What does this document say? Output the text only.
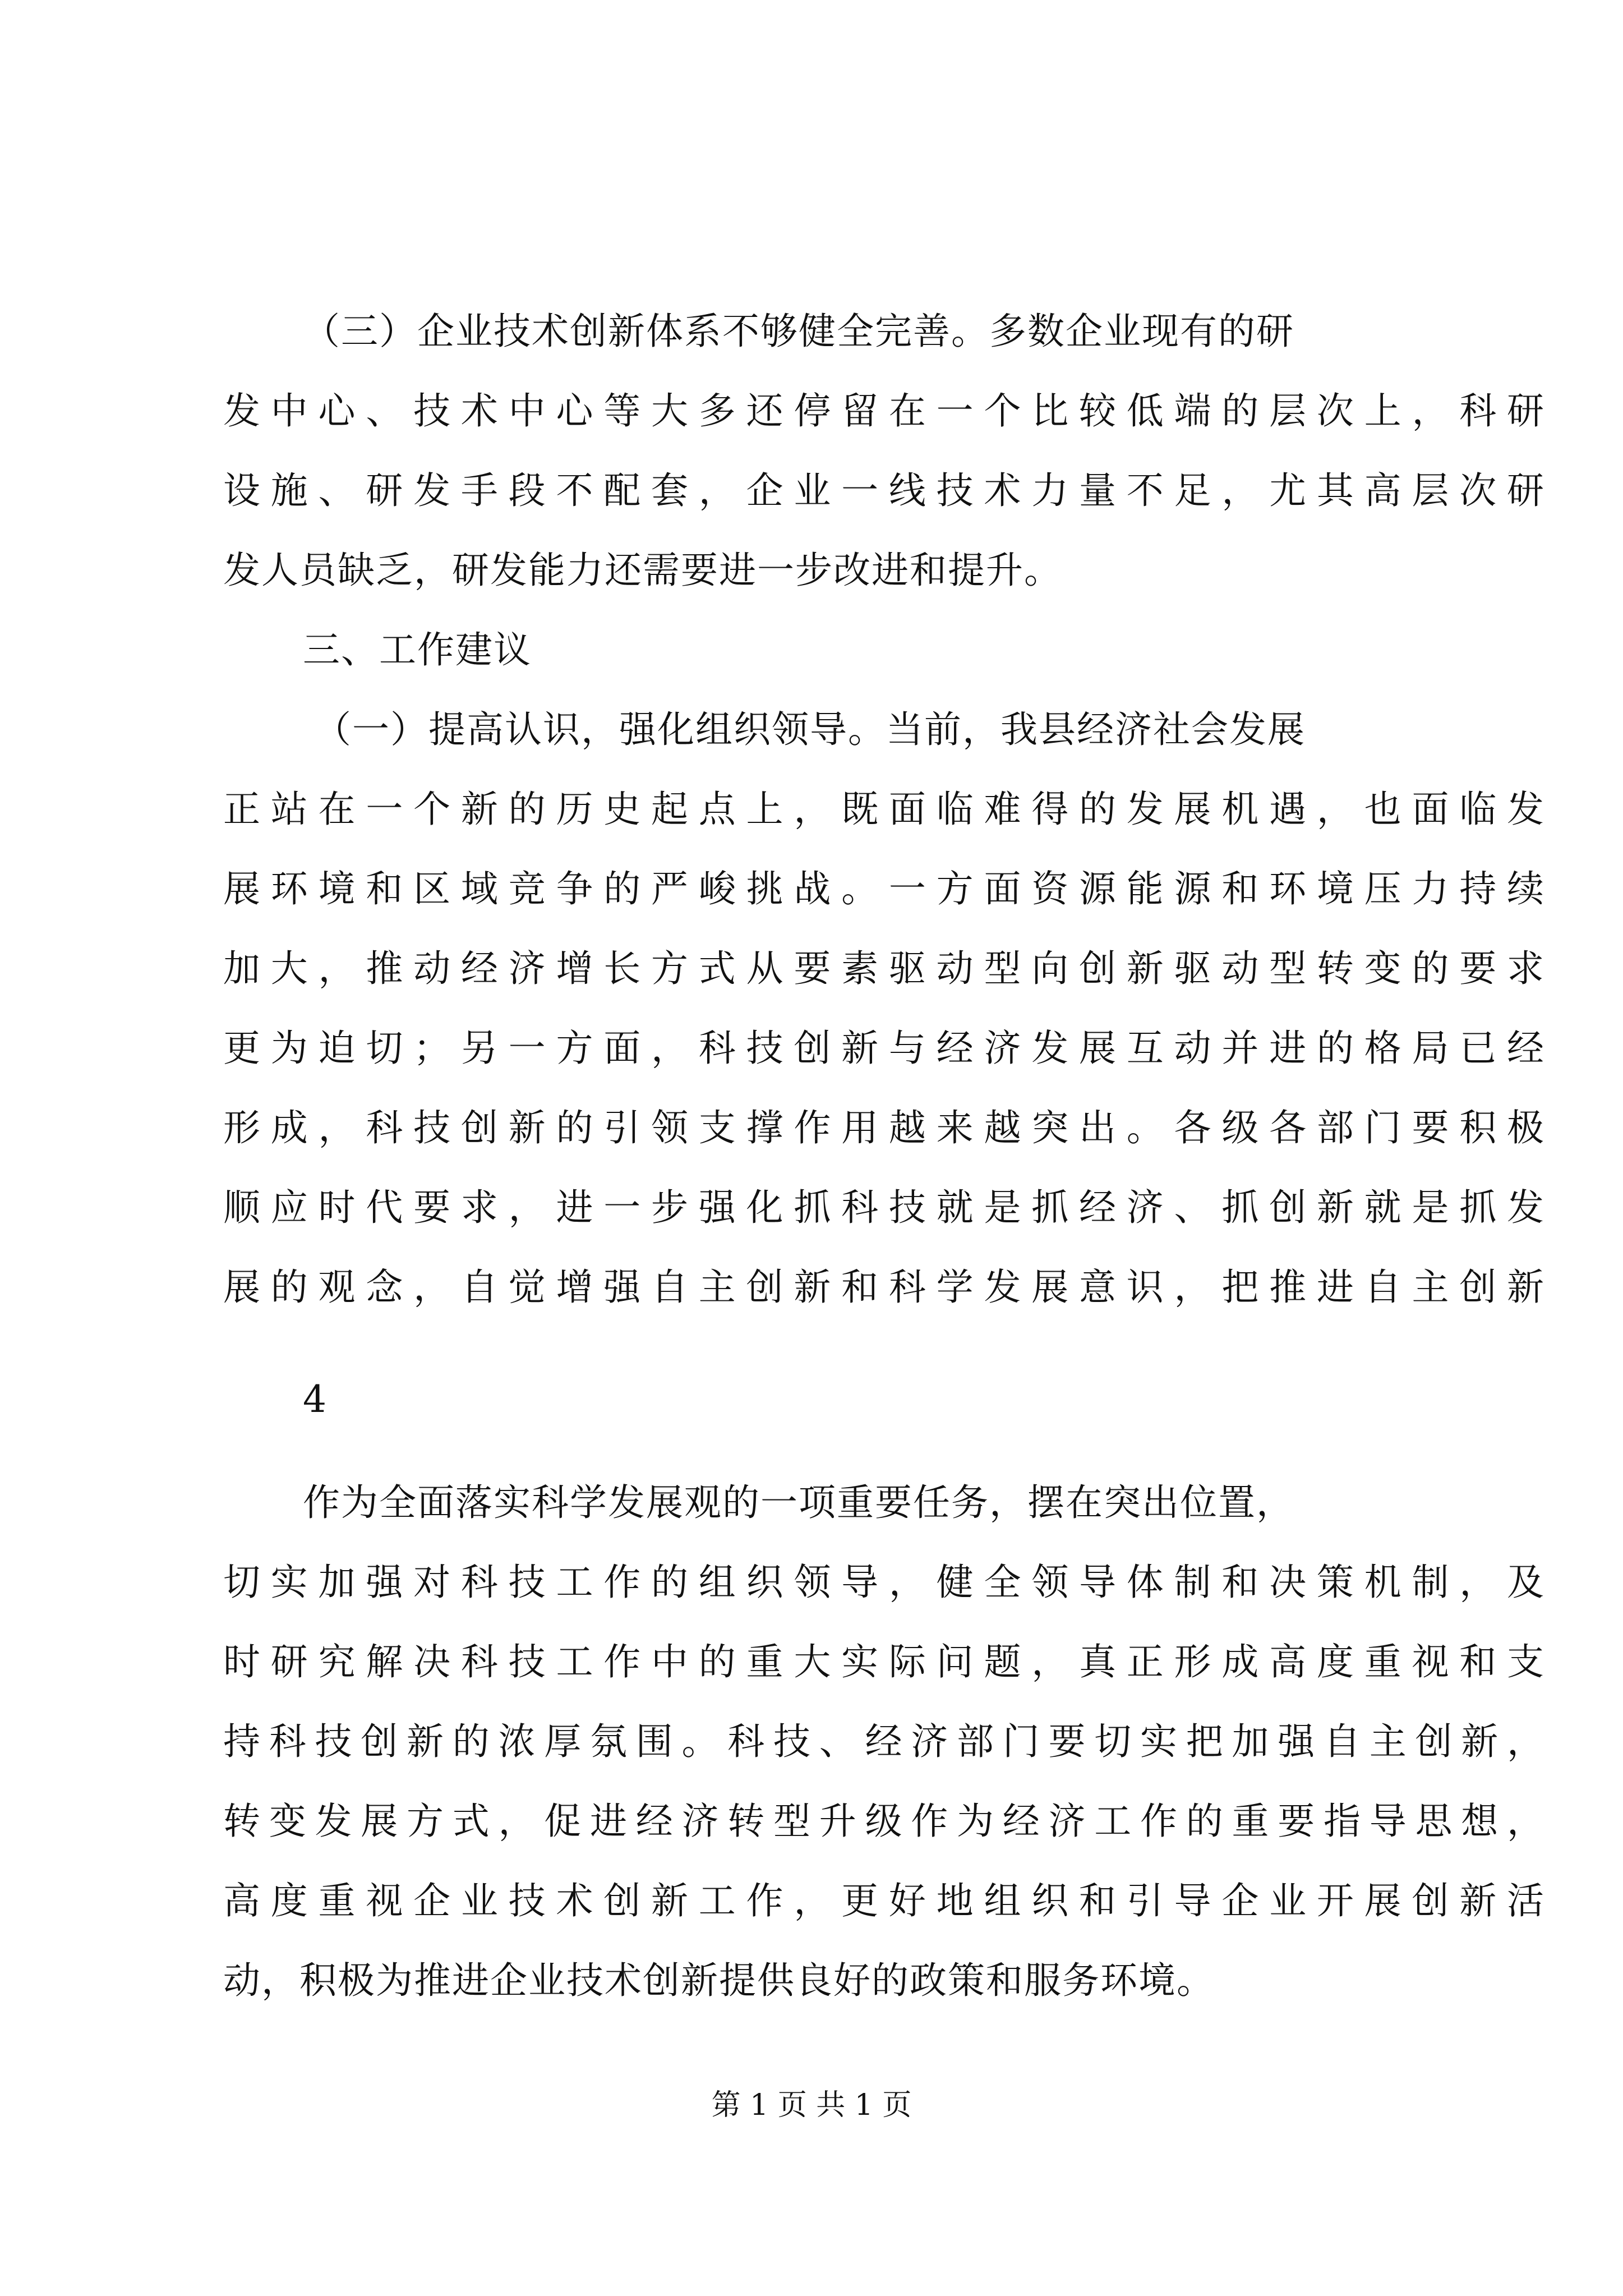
（三）企业技术创新体系不够健全完善。多数企业现有的研
发中心、技术中心等大多还停留在一个比较低端的层次上，科研
设施、研发手段不配套，企业一线技术力量不足，尤其高层次研
发人员缺乏，研发能力还需要进一步改进和提升。
三、工作建议
（一）提高认识，强化组织领导。当前，我县经济社会发展
正站在一个新的历史起点上，既面临难得的发展机遇，也面临发
展环境和区域竞争的严峻挑战。一方面资源能源和环境压力持续
加大，推动经济增长方式从要素驱动型向创新驱动型转变的要求
更为迫切；另一方面，科技创新与经济发展互动并进的格局已经
形成，科技创新的引领支撑作用越来越突出。各级各部门要积极
顺应时代要求，进一步强化抓科技就是抓经济、抓创新就是抓发
展的观念，自觉增强自主创新和科学发展意识，把推进自主创新
4
作为全面落实科学发展观的一项重要任务，摆在突出位置，
切实加强对科技工作的组织领导，健全领导体制和决策机制，及
时研究解决科技工作中的重大实际问题，真正形成高度重视和支
持科技创新的浓厚氛围。科技、经济部门要切实把加强自主创新，
转变发展方式，促进经济转型升级作为经济工作的重要指导思想，
高度重视企业技术创新工作，更好地组织和引导企业开展创新活
动，积极为推进企业技术创新提供良好的政策和服务环境。
第 1 页 共 1 页
